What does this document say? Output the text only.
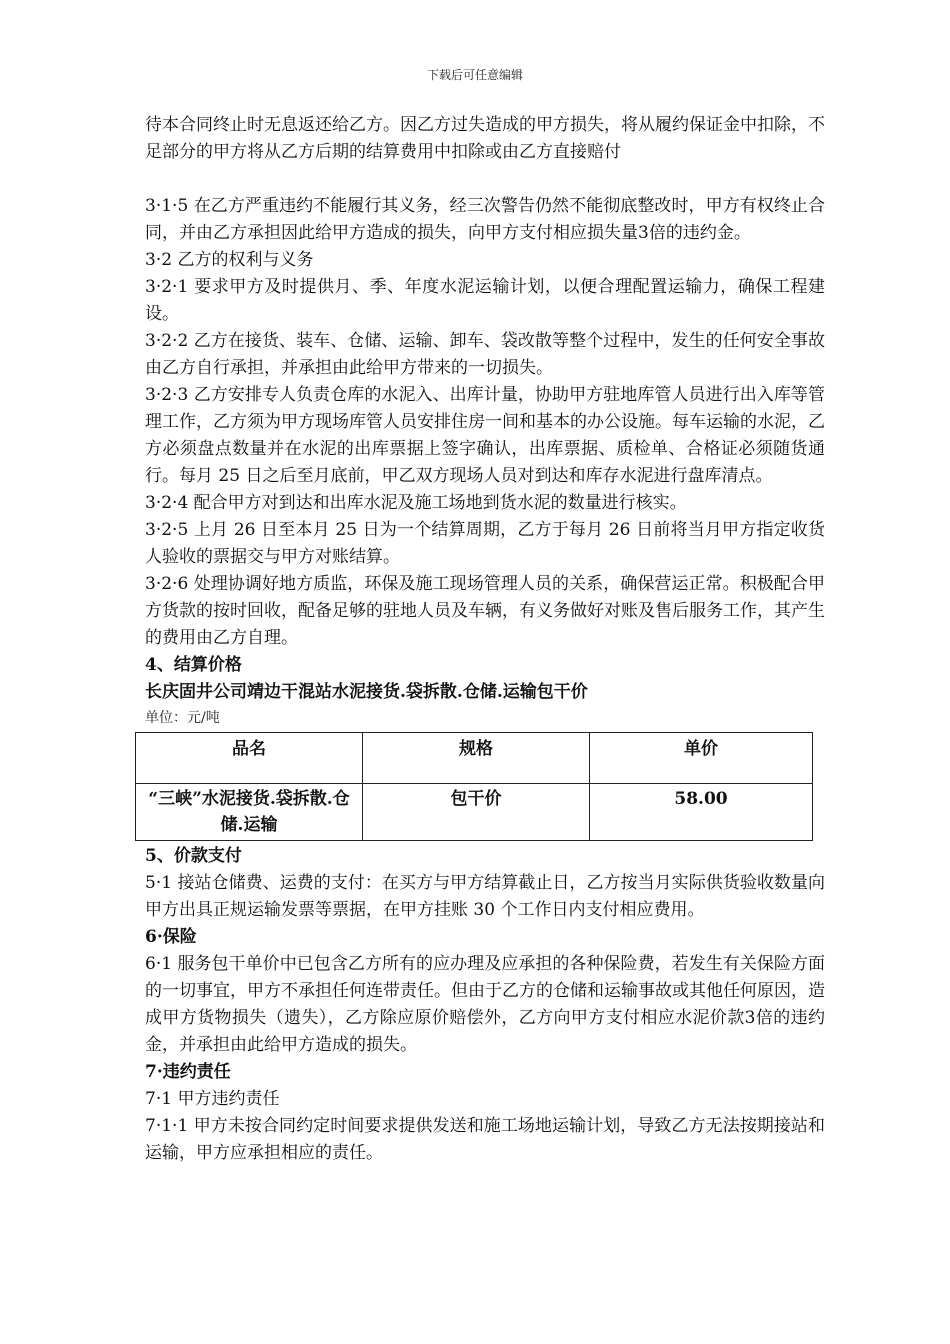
下载后可任意编辑

待本合同终止时无息返还给乙方。因乙方过失造成的甲方损失，将从履约保证金中扣除，不足部分的甲方将从乙方后期的结算费用中扣除或由乙方直接赔付

3·1·5 在乙方严重违约不能履行其义务，经三次警告仍然不能彻底整改时，甲方有权终止合同，并由乙方承担因此给甲方造成的损失，向甲方支付相应损失量3倍的违约金。

3·2 乙方的权利与义务

3·2·1 要求甲方及时提供月、季、年度水泥运输计划，以便合理配置运输力，确保工程建设。

3·2·2 乙方在接货、装车、仓储、运输、卸车、袋改散等整个过程中，发生的任何安全事故由乙方自行承担，并承担由此给甲方带来的一切损失。

3·2·3 乙方安排专人负责仓库的水泥入、出库计量，协助甲方驻地库管人员进行出入库等管理工作，乙方须为甲方现场库管人员安排住房一间和基本的办公设施。每车运输的水泥，乙方必须盘点数量并在水泥的出库票据上签字确认，出库票据、质检单、合格证必须随货通行。每月 25 日之后至月底前，甲乙双方现场人员对到达和库存水泥进行盘库清点。

3·2·4 配合甲方对到达和出库水泥及施工场地到货水泥的数量进行核实。

3·2·5 上月 26 日至本月 25 日为一个结算周期，乙方于每月 26 日前将当月甲方指定收货人验收的票据交与甲方对账结算。

3·2·6 处理协调好地方质监，环保及施工现场管理人员的关系，确保营运正常。积极配合甲方货款的按时回收，配备足够的驻地人员及车辆，有义务做好对账及售后服务工作，其产生的费用由乙方自理。

4、结算价格

长庆固井公司靖边干混站水泥接货.袋拆散.仓储.运输包干价

单位：元/吨

品名	规格	单价
“三峡”水泥接货.袋拆散.仓储.运输	包干价	58.00

5、价款支付

5·1 接站仓储费、运费的支付：在买方与甲方结算截止日，乙方按当月实际供货验收数量向甲方出具正规运输发票等票据，在甲方挂账 30 个工作日内支付相应费用。

6·保险

6·1 服务包干单价中已包含乙方所有的应办理及应承担的各种保险费，若发生有关保险方面的一切事宜，甲方不承担任何连带责任。但由于乙方的仓储和运输事故或其他任何原因，造成甲方货物损失（遗失），乙方除应原价赔偿外，乙方向甲方支付相应水泥价款3倍的违约金，并承担由此给甲方造成的损失。

7·违约责任

7·1 甲方违约责任

7·1·1 甲方未按合同约定时间要求提供发送和施工场地运输计划，导致乙方无法按期接站和运输，甲方应承担相应的责任。
